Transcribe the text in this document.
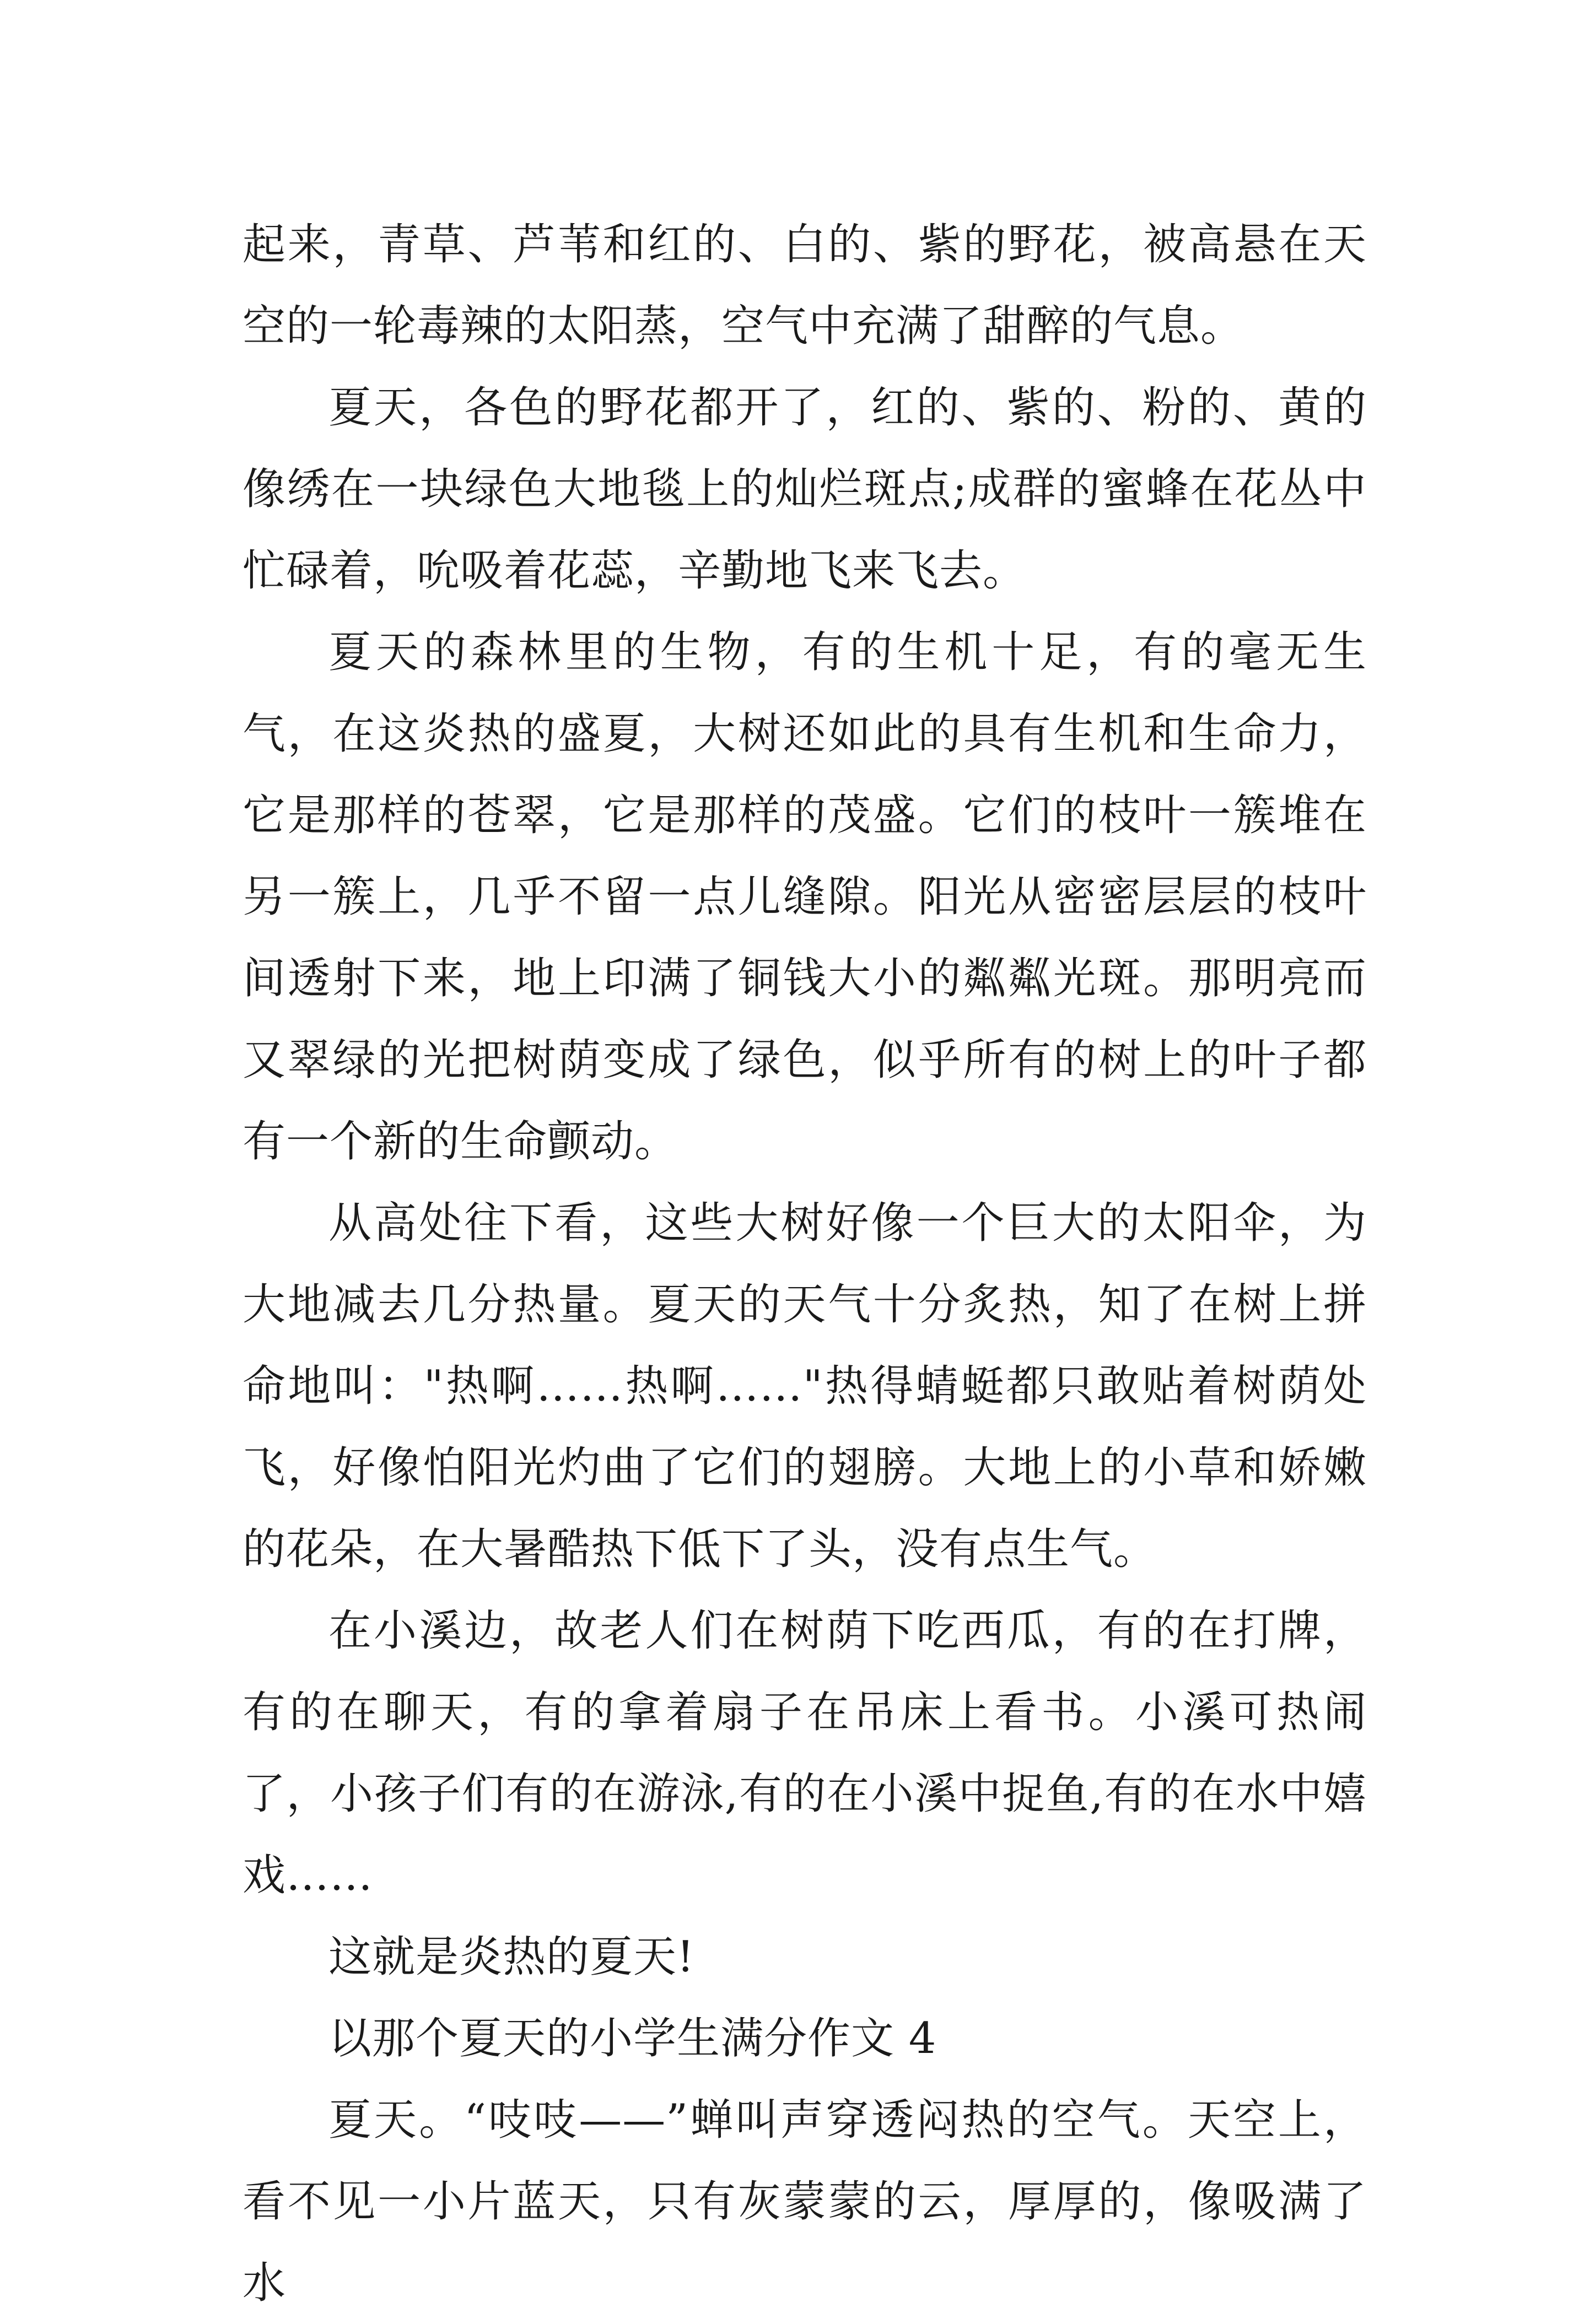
起来，青草、芦苇和红的、白的、紫的野花，被高悬在天空的一轮毒辣的太阳蒸，空气中充满了甜醉的气息。

夏天，各色的野花都开了，红的、紫的、粉的、黄的像绣在一块绿色大地毯上的灿烂斑点;成群的蜜蜂在花丛中忙碌着，吮吸着花蕊，辛勤地飞来飞去。

夏天的森林里的生物，有的生机十足，有的毫无生气，在这炎热的盛夏，大树还如此的具有生机和生命力，它是那样的苍翠，它是那样的茂盛。它们的枝叶一簇堆在另一簇上，几乎不留一点儿缝隙。阳光从密密层层的枝叶间透射下来，地上印满了铜钱大小的粼粼光斑。那明亮而又翠绿的光把树荫变成了绿色，似乎所有的树上的叶子都有一个新的生命颤动。

从高处往下看，这些大树好像一个巨大的太阳伞，为大地减去几分热量。夏天的天气十分炙热，知了在树上拼命地叫："热啊……热啊……"热得蜻蜓都只敢贴着树荫处飞，好像怕阳光灼曲了它们的翅膀。大地上的小草和娇嫩的花朵，在大暑酷热下低下了头，没有点生气。

在小溪边，故老人们在树荫下吃西瓜，有的在打牌，有的在聊天，有的拿着扇子在吊床上看书。小溪可热闹了，小孩子们有的在游泳,有的在小溪中捉鱼,有的在水中嬉戏……

这就是炎热的夏天!

以那个夏天的小学生满分作文 4

夏天。“吱吱——”蝉叫声穿透闷热的空气。天空上，看不见一小片蓝天，只有灰蒙蒙的云，厚厚的，像吸满了水
